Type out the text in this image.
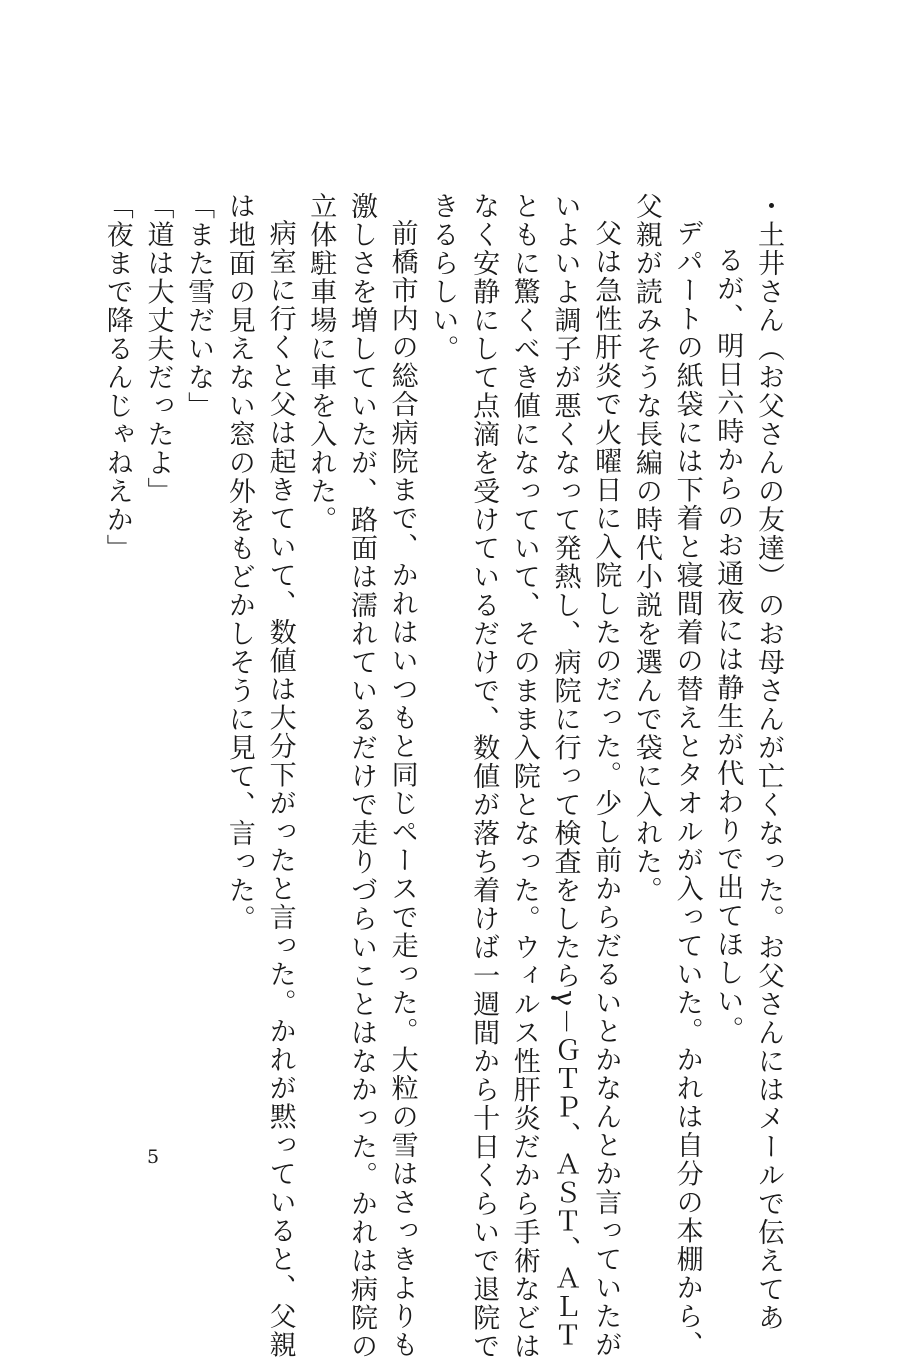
・土井さん（お父さんの友達）のお母さんが亡くなった。お父さんにはメールで伝えてあ
るが、明日六時からのお通夜には静生が代わりで出てほしい。
デパートの紙袋には下着と寝間着の替えとタオルが入っていた。かれは自分の本棚から、
父親が読みそうな長編の時代小説を選んで袋に入れた。
父は急性肝炎で火曜日に入院したのだった。少し前からだるいとかなんとか言っていたが
いよいよ調子が悪くなって発熱し、病院に行って検査をしたらγ－ＧＴＰ、ＡＳＴ、ＡＬＴ
ともに驚くべき値になっていて、そのまま入院となった。ウィルス性肝炎だから手術などは
なく安静にして点滴を受けているだけで、数値が落ち着けば一週間から十日くらいで退院で
きるらしい。
前橋市内の総合病院まで、かれはいつもと同じペースで走った。大粒の雪はさっきよりも
激しさを増していたが、路面は濡れているだけで走りづらいことはなかった。かれは病院の
立体駐車場に車を入れた。
病室に行くと父は起きていて、数値は大分下がったと言った。かれが黙っていると、父親
は地面の見えない窓の外をもどかしそうに見て、言った。
「また雪だいな」
「道は大丈夫だったよ」
「夜まで降るんじゃねえか」
5
